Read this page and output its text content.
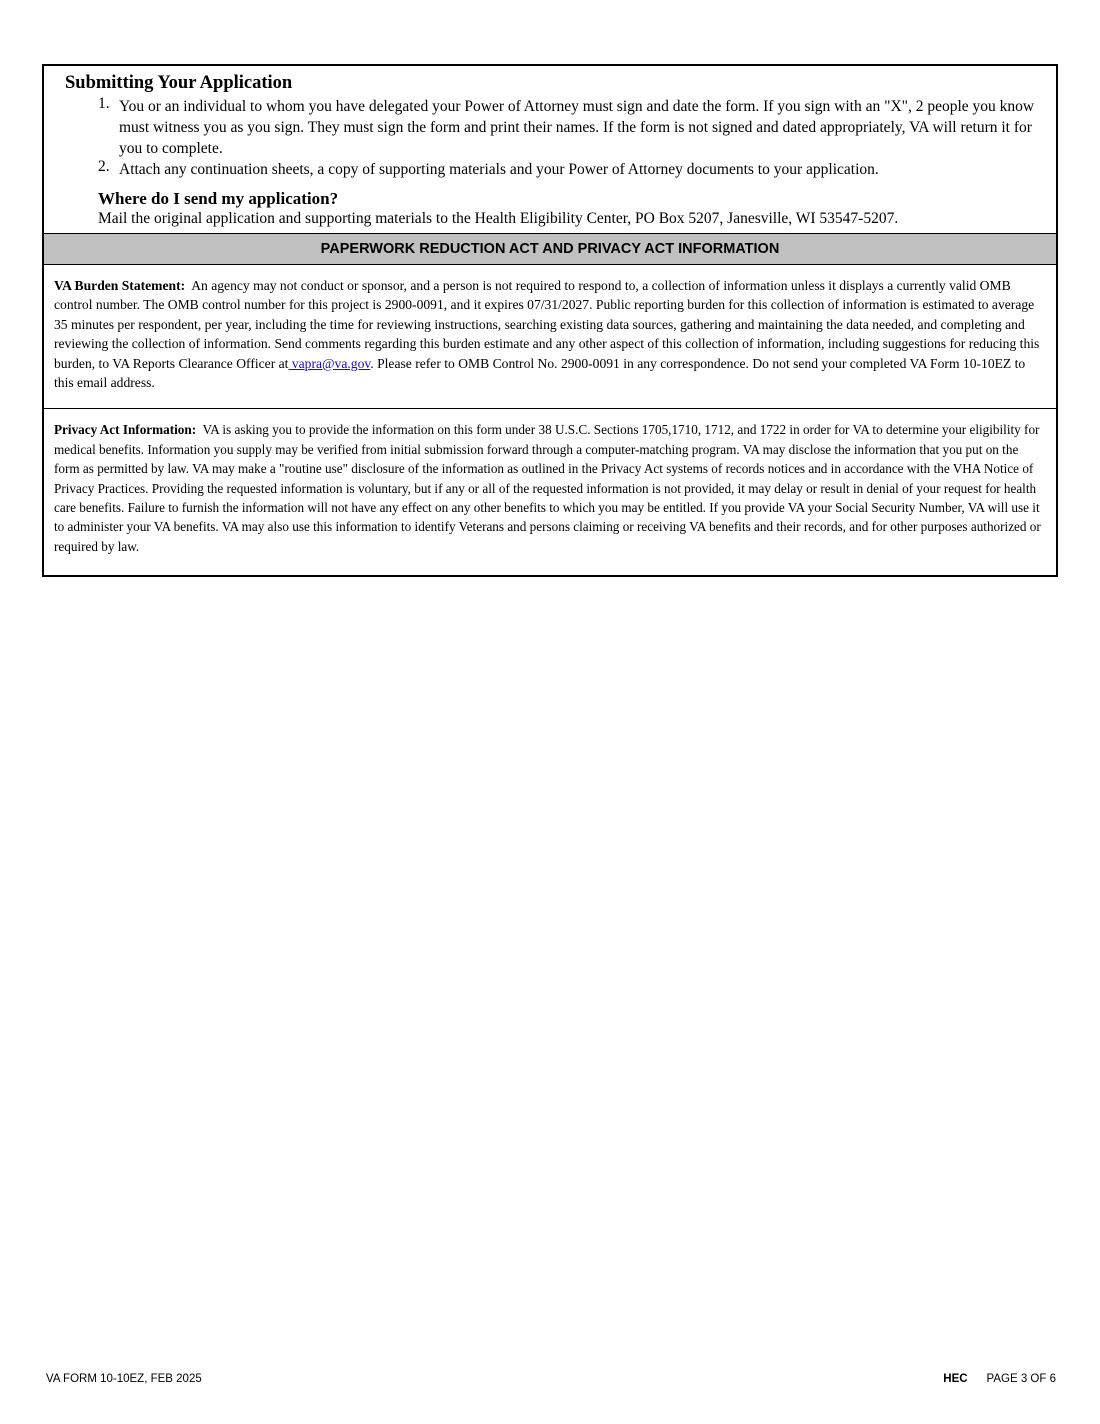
Submitting Your Application
1. You or an individual to whom you have delegated your Power of Attorney must sign and date the form. If you sign with an "X", 2 people you know must witness you as you sign. They must sign the form and print their names. If the form is not signed and dated appropriately, VA will return it for you to complete.
2. Attach any continuation sheets, a copy of supporting materials and your Power of Attorney documents to your application.
Where do I send my application?
Mail the original application and supporting materials to the Health Eligibility Center, PO Box 5207, Janesville, WI 53547-5207.
PAPERWORK REDUCTION ACT AND PRIVACY ACT INFORMATION
VA Burden Statement: An agency may not conduct or sponsor, and a person is not required to respond to, a collection of information unless it displays a currently valid OMB control number. The OMB control number for this project is 2900-0091, and it expires 07/31/2027. Public reporting burden for this collection of information is estimated to average 35 minutes per respondent, per year, including the time for reviewing instructions, searching existing data sources, gathering and maintaining the data needed, and completing and reviewing the collection of information. Send comments regarding this burden estimate and any other aspect of this collection of information, including suggestions for reducing this burden, to VA Reports Clearance Officer at vapra@va.gov. Please refer to OMB Control No. 2900-0091 in any correspondence. Do not send your completed VA Form 10-10EZ to this email address.
Privacy Act Information: VA is asking you to provide the information on this form under 38 U.S.C. Sections 1705,1710, 1712, and 1722 in order for VA to determine your eligibility for medical benefits. Information you supply may be verified from initial submission forward through a computer-matching program. VA may disclose the information that you put on the form as permitted by law. VA may make a "routine use" disclosure of the information as outlined in the Privacy Act systems of records notices and in accordance with the VHA Notice of Privacy Practices. Providing the requested information is voluntary, but if any or all of the requested information is not provided, it may delay or result in denial of your request for health care benefits. Failure to furnish the information will not have any effect on any other benefits to which you may be entitled. If you provide VA your Social Security Number, VA will use it to administer your VA benefits. VA may also use this information to identify Veterans and persons claiming or receiving VA benefits and their records, and for other purposes authorized or required by law.
VA FORM 10-10EZ, FEB 2025	HEC PAGE 3 OF 6
